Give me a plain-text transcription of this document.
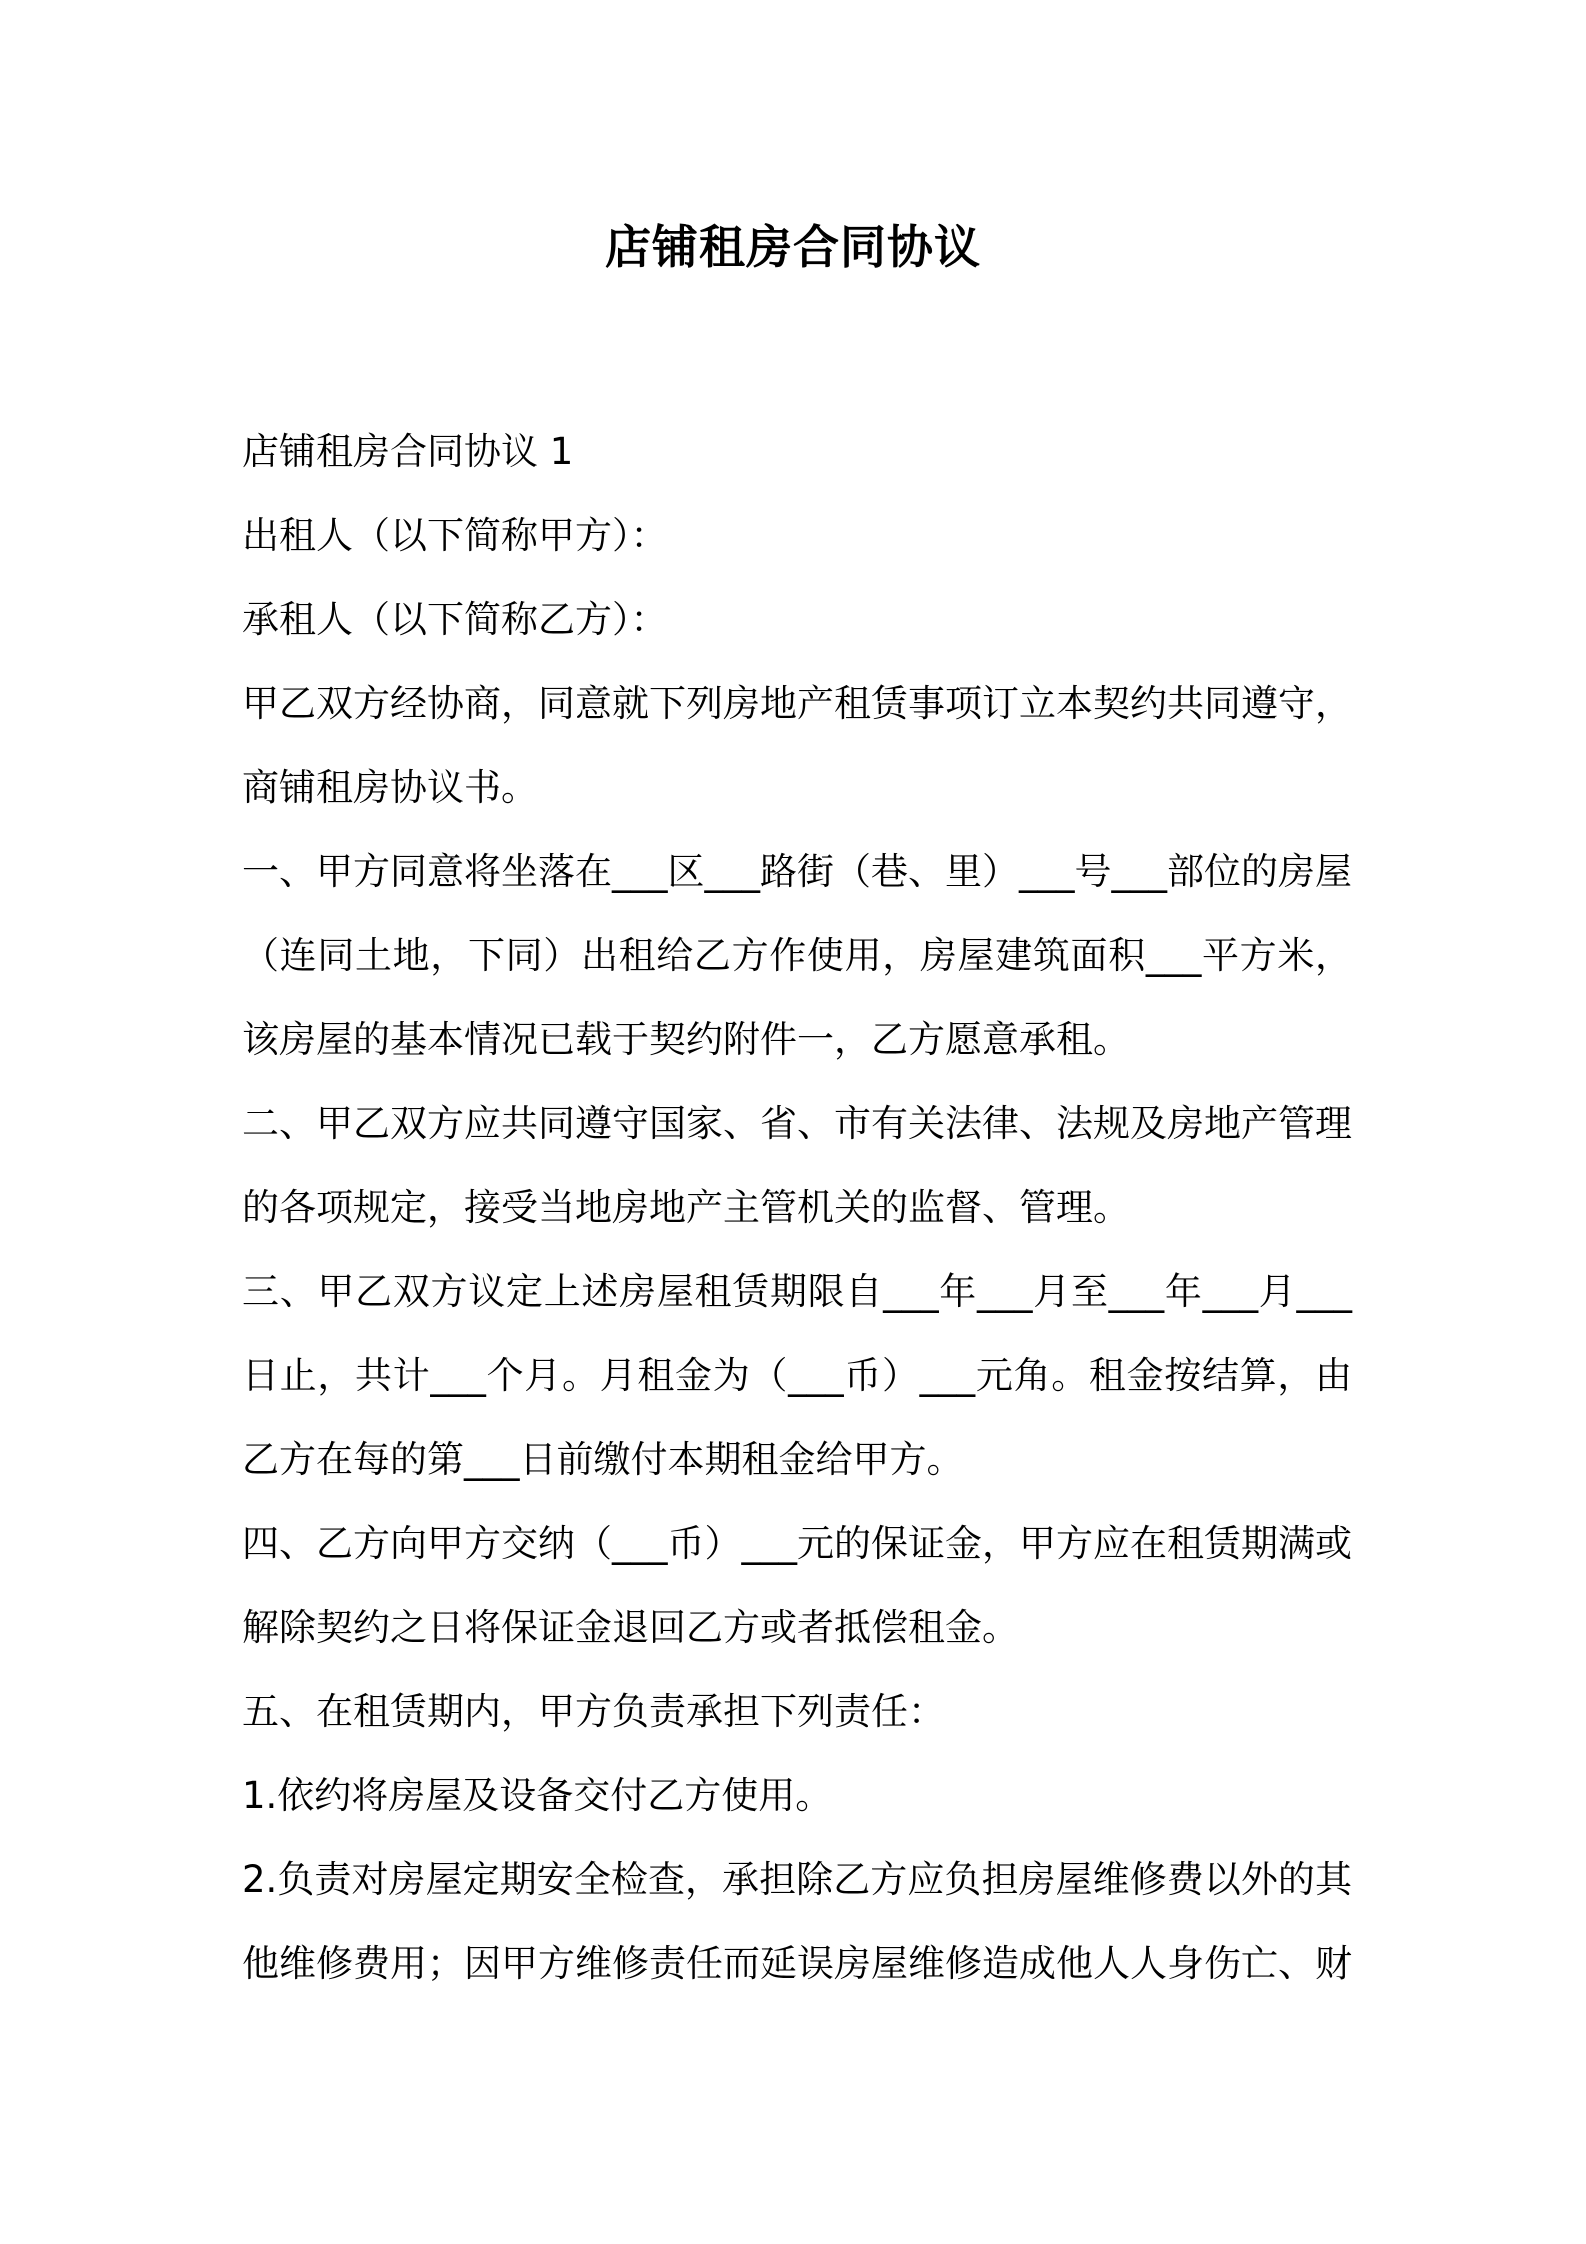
店铺租房合同协议

店铺租房合同协议 1

出租人（以下简称甲方）：

承租人（以下简称乙方）：

甲乙双方经协商，同意就下列房地产租赁事项订立本契约共同遵守，商铺租房协议书。

一、甲方同意将坐落在___区___路街（巷、里）___号___部位的房屋（连同土地，下同）出租给乙方作使用，房屋建筑面积___平方米，该房屋的基本情况已载于契约附件一，乙方愿意承租。

二、甲乙双方应共同遵守国家、省、市有关法律、法规及房地产管理的各项规定，接受当地房地产主管机关的监督、管理。

三、甲乙双方议定上述房屋租赁期限自___年___月至___年___月___日止，共计___个月。月租金为（___币）___元角。租金按结算，由乙方在每的第___日前缴付本期租金给甲方。

四、乙方向甲方交纳（___币）___元的保证金，甲方应在租赁期满或解除契约之日将保证金退回乙方或者抵偿租金。

五、在租赁期内，甲方负责承担下列责任：

1.依约将房屋及设备交付乙方使用。

2.负责对房屋定期安全检查，承担除乙方应负担房屋维修费以外的其他维修费用；因甲方维修责任而延误房屋维修造成他人人身伤亡、财
